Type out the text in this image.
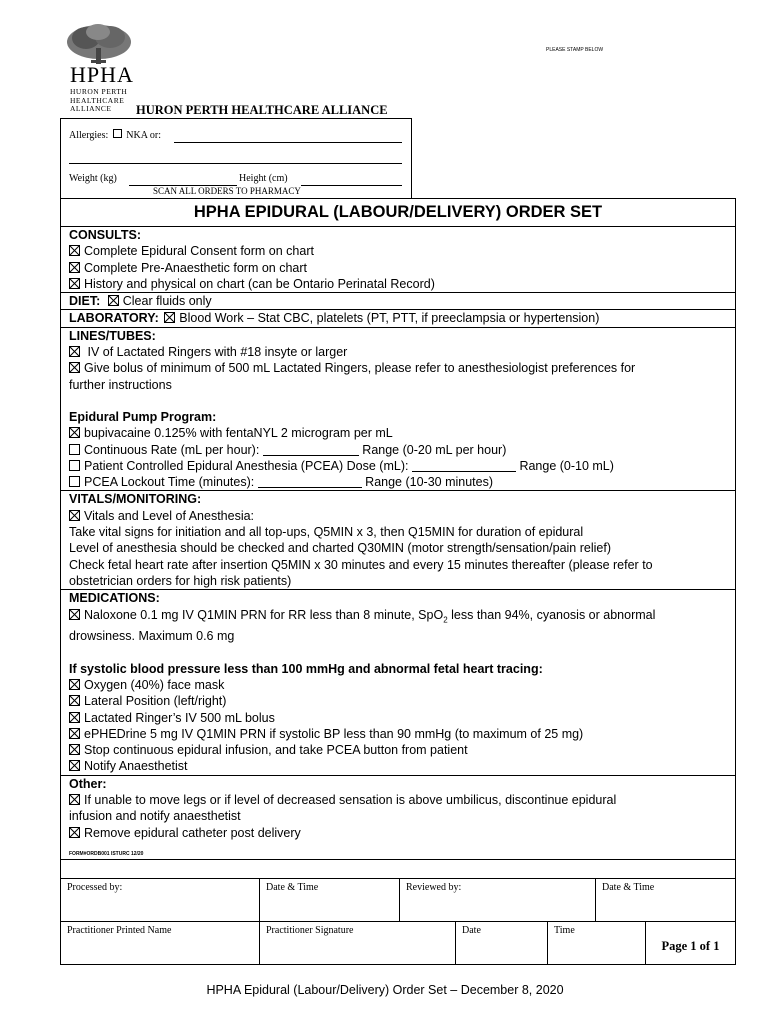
HPHA
HURON PERTH
HEALTHCARE
ALLIANCE	HURON PERTH HEALTHCARE ALLIANCE
PLEASE STAMP BELOW
Allergies: NKA or:
Weight (kg)	Height (cm)
SCAN ALL ORDERS TO PHARMACY
HPHA EPIDURAL (LABOUR/DELIVERY) ORDER SET
CONSULTS:
Complete Epidural Consent form on chart
Complete Pre-Anaesthetic form on chart
History and physical on chart (can be Ontario Perinatal Record)
DIET: Clear fluids only
LABORATORY: Blood Work – Stat CBC, platelets (PT, PTT, if preeclampsia or hypertension)
LINES/TUBES:
IV of Lactated Ringers with #18 insyte or larger
Give bolus of minimum of 500 mL Lactated Ringers, please refer to anesthesiologist preferences for
further instructions
Epidural Pump Program:
bupivacaine 0.125% with fentaNYL 2 microgram per mL
Continuous Rate (mL per hour):	Range (0-20 mL per hour)
Patient Controlled Epidural Anesthesia (PCEA) Dose (mL):	Range (0-10 mL)
PCEA Lockout Time (minutes):	Range (10-30 minutes)
VITALS/MONITORING:
Vitals and Level of Anesthesia:
Take vital signs for initiation and all top-ups, Q5MIN x 3, then Q15MIN for duration of epidural
Level of anesthesia should be checked and charted Q30MIN (motor strength/sensation/pain relief)
Check fetal heart rate after insertion Q5MIN x 30 minutes and every 15 minutes thereafter (please refer to
obstetrician orders for high risk patients)
MEDICATIONS:
Naloxone 0.1 mg IV Q1MIN PRN for RR less than 8 minute, SpO$_2$ less than 94%, cyanosis or abnormal
drowsiness. Maximum 0.6 mg
If systolic blood pressure less than 100 mmHg and abnormal fetal heart tracing:
Oxygen (40%) face mask
Lateral Position (left/right)
Lactated Ringer’s IV 500 mL bolus
ePHEDrine 5 mg IV Q1MIN PRN if systolic BP less than 90 mmHg (to maximum of 25 mg)
Stop continuous epidural infusion, and take PCEA button from patient
Notify Anaesthetist
Other:
If unable to move legs or if level of decreased sensation is above umbilicus, discontinue epidural
infusion and notify anaesthetist
Remove epidural catheter post delivery
FORM#ORDB001 ISTURC 12/20
Processed by:	Date & Time	Reviewed by:	Date & Time
Practitioner Printed Name	Practitioner Signature	Date	Time
Page 1 of 1
HPHA Epidural (Labour/Delivery) Order Set – December 8, 2020
